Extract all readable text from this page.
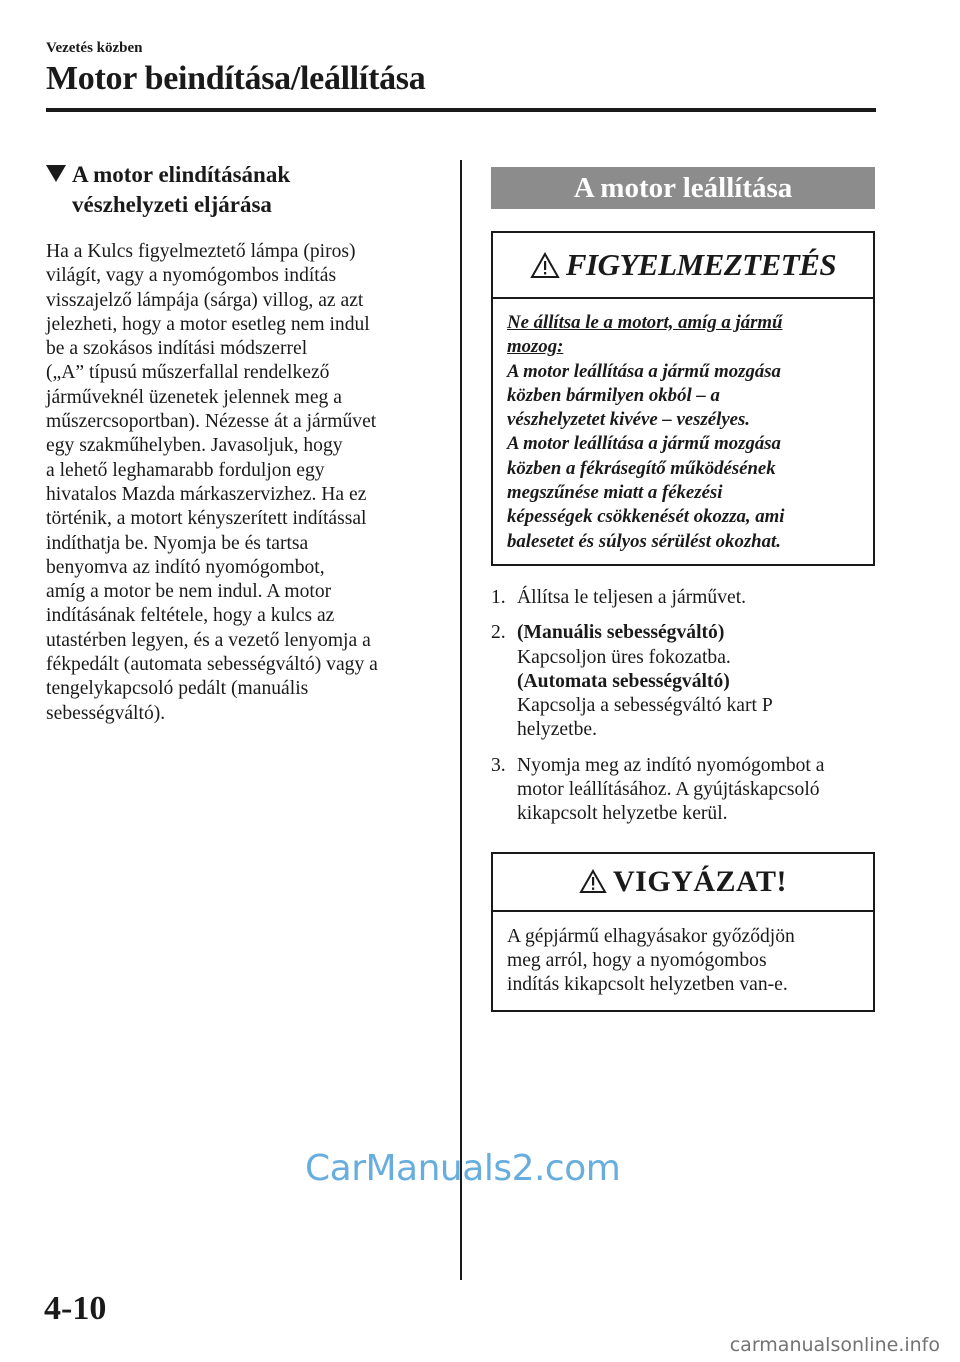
Vezetés közben
Motor beindítása/leállítása
A motor elindításának
vészhelyzeti eljárása
Ha a Kulcs figyelmeztető lámpa (piros)
világít, vagy a nyomógombos indítás
visszajelző lámpája (sárga) villog, az azt
jelezheti, hogy a motor esetleg nem indul
be a szokásos indítási módszerrel
(„A” típusú műszerfallal rendelkező
járműveknél üzenetek jelennek meg a
műszercsoportban). Nézesse át a járművet
egy szakműhelyben. Javasoljuk, hogy
a lehető leghamarabb forduljon egy
hivatalos Mazda márkaszervizhez. Ha ez
történik, a motort kényszerített indítással
indíthatja be. Nyomja be és tartsa
benyomva az indító nyomógombot,
amíg a motor be nem indul. A motor
indításának feltétele, hogy a kulcs az
utastérben legyen, és a vezető lenyomja a
fékpedált (automata sebességváltó) vagy a
tengelykapcsoló pedált (manuális
sebességváltó).
A motor leállítása
FIGYELMEZTETÉS
Ne állítsa le a motort, amíg a jármű
mozog:
A motor leállítása a jármű mozgása
közben bármilyen okból – a
vészhelyzetet kivéve – veszélyes.
A motor leállítása a jármű mozgása
közben a fékrásegítő működésének
megszűnése miatt a fékezési
képességek csökkenését okozza, ami
balesetet és súlyos sérülést okozhat.
1. Állítsa le teljesen a járművet.
2. (Manuális sebességváltó)
Kapcsoljon üres fokozatba.
(Automata sebességváltó)
Kapcsolja a sebességváltó kart P
helyzetbe.
3. Nyomja meg az indító nyomógombot a
motor leállításához. A gyújtáskapcsoló
kikapcsolt helyzetbe kerül.
VIGYÁZAT!
A gépjármű elhagyásakor győződjön
meg arról, hogy a nyomógombos
indítás kikapcsolt helyzetben van-e.
CarManuals2.com
4-10
carmanualsonline.info
